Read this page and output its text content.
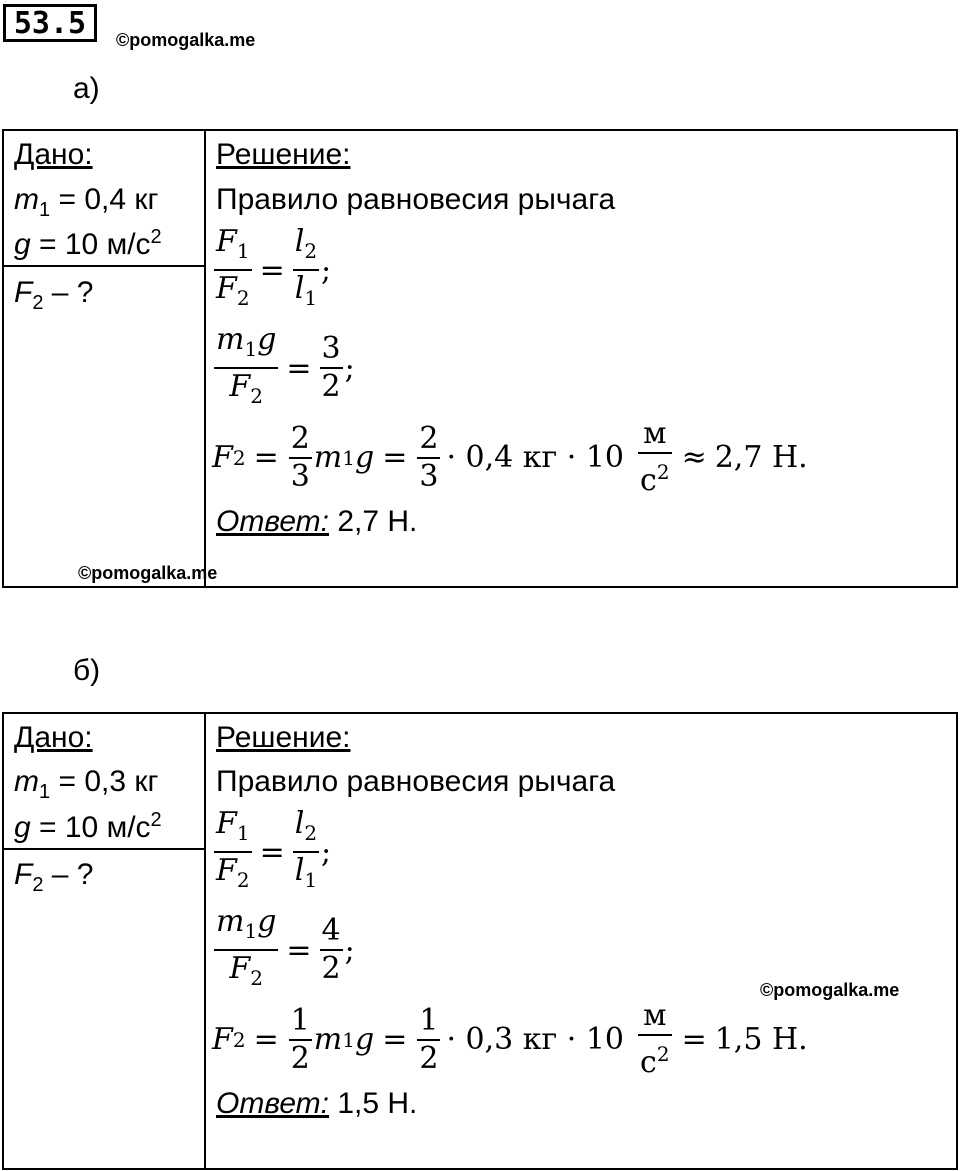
53.5	©pomogalka.me
а)
Дано:
$m_1 = 0,4$ кг
g = 10 $м/с^2$
$F_2$ – ?
Решение:
Правило равновесия рычага
$\frac{F_1}{F_2} = \frac{l_2}{l_1}$ ;
$\frac{m_1g}{F_2} = \frac{3}{2}$ ;
F $2 = \frac{2}{3}$ m 1 $g = \frac{2}{3} \cdot 0,4$ кг · $10 \frac{м}{с^2} \approx 2,7$ Н.
Ответ: 2,7 Н.
©pomogalka.me
б)
Дано:
$m_1 = 0,3$ кг
g = 10 $м/с^2$
$F_2$ – ?
Решение:
Правило равновесия рычага
$\frac{F_1}{F_2} = \frac{l_2}{l_1}$ ;
$\frac{m_1g}{F_2} = \frac{4}{2}$ ;
©pomogalka.me
F $2 = \frac{1}{2}$ m 1 $g = \frac{1}{2} \cdot 0,3$ кг · $10 \frac{м}{с^2} = 1,5$ Н.
Ответ: 1,5 Н.
